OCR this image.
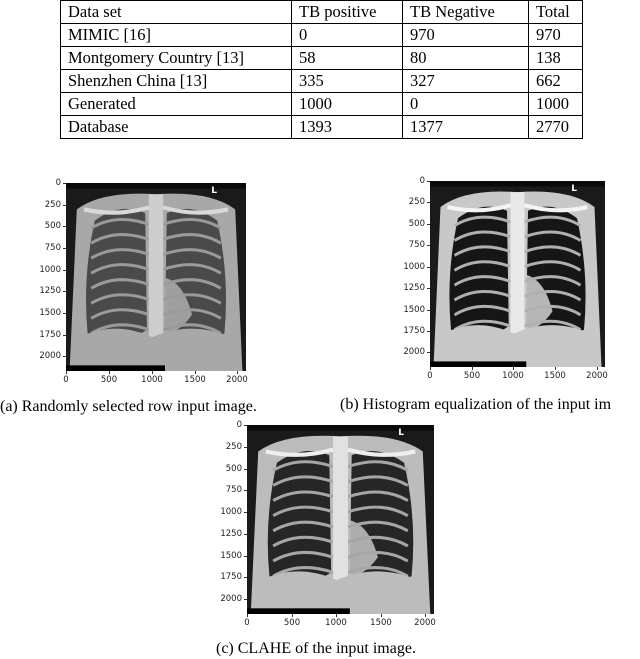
Data set	TB positive	TB Negative	Total
MIMIC [16]	0	970	970
Montgomery Country [13]	58	80	138
Shenzhen China [13]	335	327	662
Generated	1000	0	1000
Database	1393	1377	2770
L
0
250
500
750
1000
1250
1500
1750
2000
0	500	1000	1500	2000
L
0
250
500
750
1000
1250
1500
1750
2000
0	500	1000	1500	2000
L
0
250
500
750
1000
1250
1500
1750
2000
0	500	1000	1500	2000
(a) Randomly selected row input image.	(b) Histogram equalization of the input im
(c) CLAHE of the input image.
